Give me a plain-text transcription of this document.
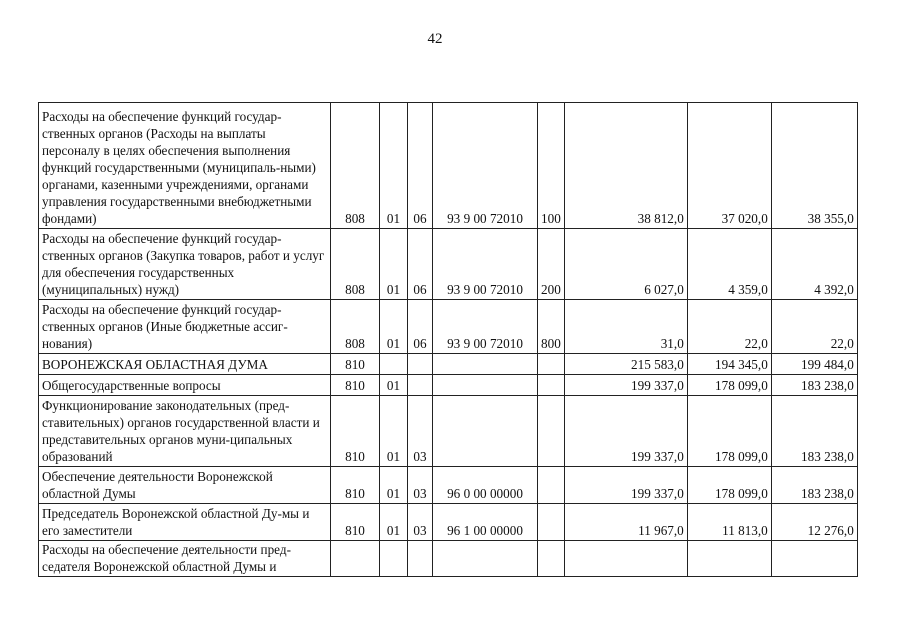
42
Расходы на обеспечение функций государ-ственных органов (Расходы на выплаты персоналу в целях обеспечения выполнения функций государственными (муниципаль-ными) органами, казенными учреждениями, органами управления государственными внебюджетными фондами)	808	01	06	93 9 00 72010	100	38 812,0	37 020,0	38 355,0
Расходы на обеспечение функций государ-ственных органов (Закупка товаров, работ и услуг для обеспечения государственных (муниципальных) нужд)	808	01	06	93 9 00 72010	200	6 027,0	4 359,0	4 392,0
Расходы на обеспечение функций государ-ственных органов (Иные бюджетные ассиг-нования)	808	01	06	93 9 00 72010	800	31,0	22,0	22,0
ВОРОНЕЖСКАЯ ОБЛАСТНАЯ ДУМА	810					215 583,0	194 345,0	199 484,0
Общегосударственные вопросы	810	01				199 337,0	178 099,0	183 238,0
Функционирование законодательных (пред-ставительных) органов государственной власти и представительных органов муни-ципальных образований	810	01	03			199 337,0	178 099,0	183 238,0
Обеспечение деятельности Воронежской областной Думы	810	01	03	96 0 00 00000		199 337,0	178 099,0	183 238,0
Председатель Воронежской областной Ду-мы и его заместители	810	01	03	96 1 00 00000		11 967,0	11 813,0	12 276,0
Расходы на обеспечение деятельности пред-седателя Воронежской областной Думы и								
